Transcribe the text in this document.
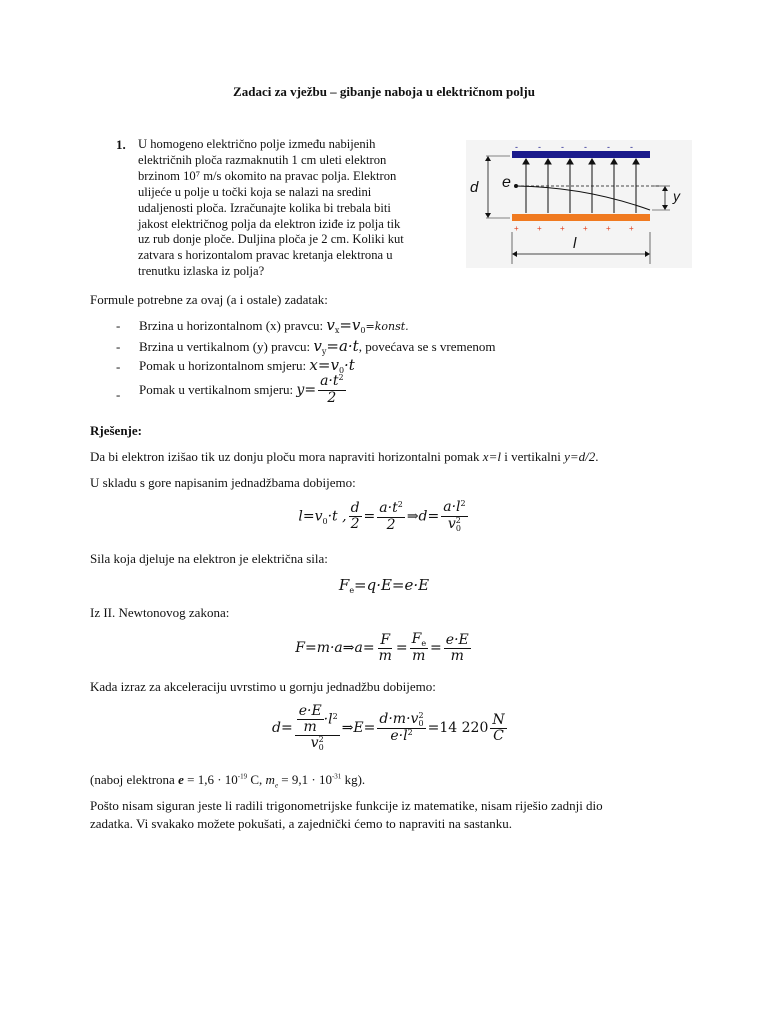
Zadaci za vježbu – gibanje naboja u električnom polju
1. U homogeno električno polje između nabijenih
električnih ploča razmaknutih 1 cm uleti elektron
brzinom 10⁷ m/s okomito na pravac polja. Elektron
ulijeće u polje u točki koja se nalazi na sredini
udaljenosti ploča. Izračunajte kolika bi trebala biti
jakost električnog polja da elektron iziđe iz polja tik
uz rub donje ploče. Duljina ploča je 2 cm. Koliki kut
zatvara s horizontalom pravac kretanja elektrona u
trenutku izlaska iz polja?
- - - - - -
+ + + + + +
d e
y
l
Formule potrebne za ovaj (a i ostale) zadatak:
- Brzina u horizontalnom (x) pravcu: $v_x=v_0=konst$.
- Brzina u vertikalnom (y) pravcu: $v_y=a\cdot t$, povećava se s vremenom
- Pomak u horizontalnom smjeru: $x=v_0\cdot t$
- Pomak u vertikalnom smjeru: $y= \frac{a\cdot t^2}{2}$
Rješenje:
Da bi elektron izišao tik uz donju ploču mora napraviti horizontalni pomak x=l i vertikalni y=d/2.
U skladu s gore napisanim jednadžbama dobijemo:
$l=v_0\cdot t$ , $\frac{d}{2} = \frac{a\cdot t^2}{2}$ ⇒d= $\frac{a\cdot l^2}{v^2_0}$
Sila koja djeluje na elektron je električna sila:
$F_e=q\cdot E=e\cdot E$
Iz II. Newtonovog zakona:
F=m·a⇒a= $\frac{F}{m} = \frac{F_e}{m} = \frac{e\cdot E}{m}$
Kada izraz za akceleraciju uvrstimo u gornju jednadžbu dobijemo:
$d= \frac{\frac{e\cdot E}{m} \cdot l^2}{v^2_0}$ ⇒E= $\frac{d\cdot m\cdot v^2_0}{e\cdot l^2} =14$ $220 \frac{N}{C}$
(naboj elektrona $e = 1,6 \cdot 10^{-19}$ C, $m_e = 9,1 \cdot 10^{-31}$ kg).
Pošto nisam siguran jeste li radili trigonometrijske funkcije iz matematike, nisam riješio zadnji dio
zadatka. Vi svakako možete pokušati, a zajednički ćemo to napraviti na sastanku.
